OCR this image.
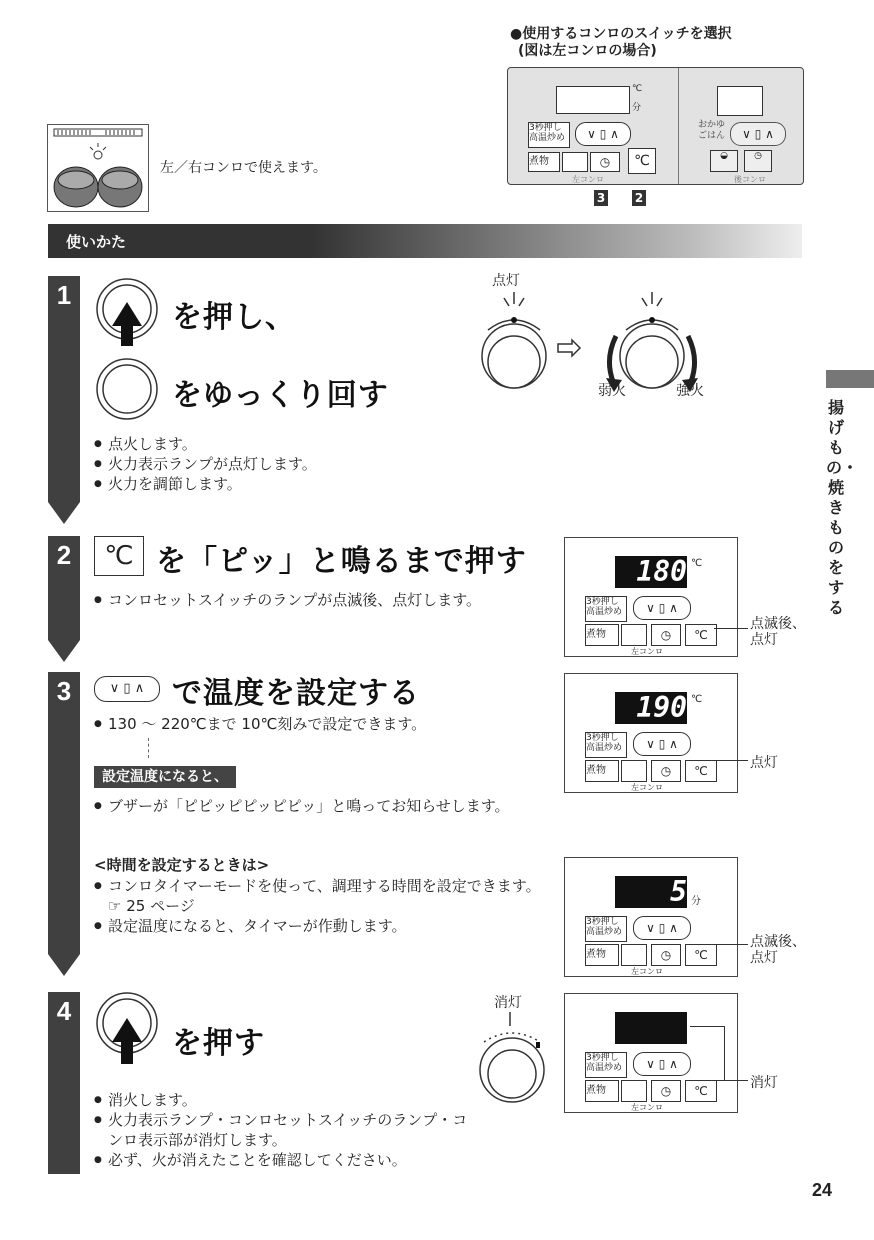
●使用するコンロのスイッチを選択
(図は左コンロの場合)
左／右コンロで使えます。
℃
分
3秒押し
高温炒め	∨ ▯ ∧
煮物	◷	℃
左コンロ
おかゆ
ごはん	∨ ▯ ∧
◒	◷
後コンロ
3 2
使いかた
揚げもの・焼きものをする
1
を押し、
をゆっくり回す
● 点火します。
● 火力表示ランプが点灯します。
● 火力を調節します。
点灯
弱火	強火
2	℃ を「ピッ」と鳴るまで押す
● コンロセットスイッチのランプが点滅後、点灯します。
180 ℃
3秒押し
高温炒め	∨ ▯ ∧
煮物	◷	℃
左コンロ
点滅後、
点灯
3	∨ ▯ ∧ で温度を設定する
● 130 ～ 220℃まで 10℃刻みで設定できます。
設定温度になると、
● ブザーが「ピピッピピッピピッ」と鳴ってお知らせします。
<時間を設定するときは>
● コンロタイマーモードを使って、調理する時間を設定できます。☞ 25 ページ
● 設定温度になると、タイマーが作動します。
190 ℃
3秒押し
高温炒め	∨ ▯ ∧
煮物	◷	℃
左コンロ
点灯
5 分
3秒押し
高温炒め	∨ ▯ ∧
煮物	◷	℃
左コンロ
点滅後、
点灯
4
を押す
● 消火します。
● 火力表示ランプ・コンロセットスイッチのランプ・コンロ表示部が消灯します。
● 必ず、火が消えたことを確認してください。
消灯
3秒押し
高温炒め	∨ ▯ ∧
煮物	◷	℃
左コンロ
消灯
24
